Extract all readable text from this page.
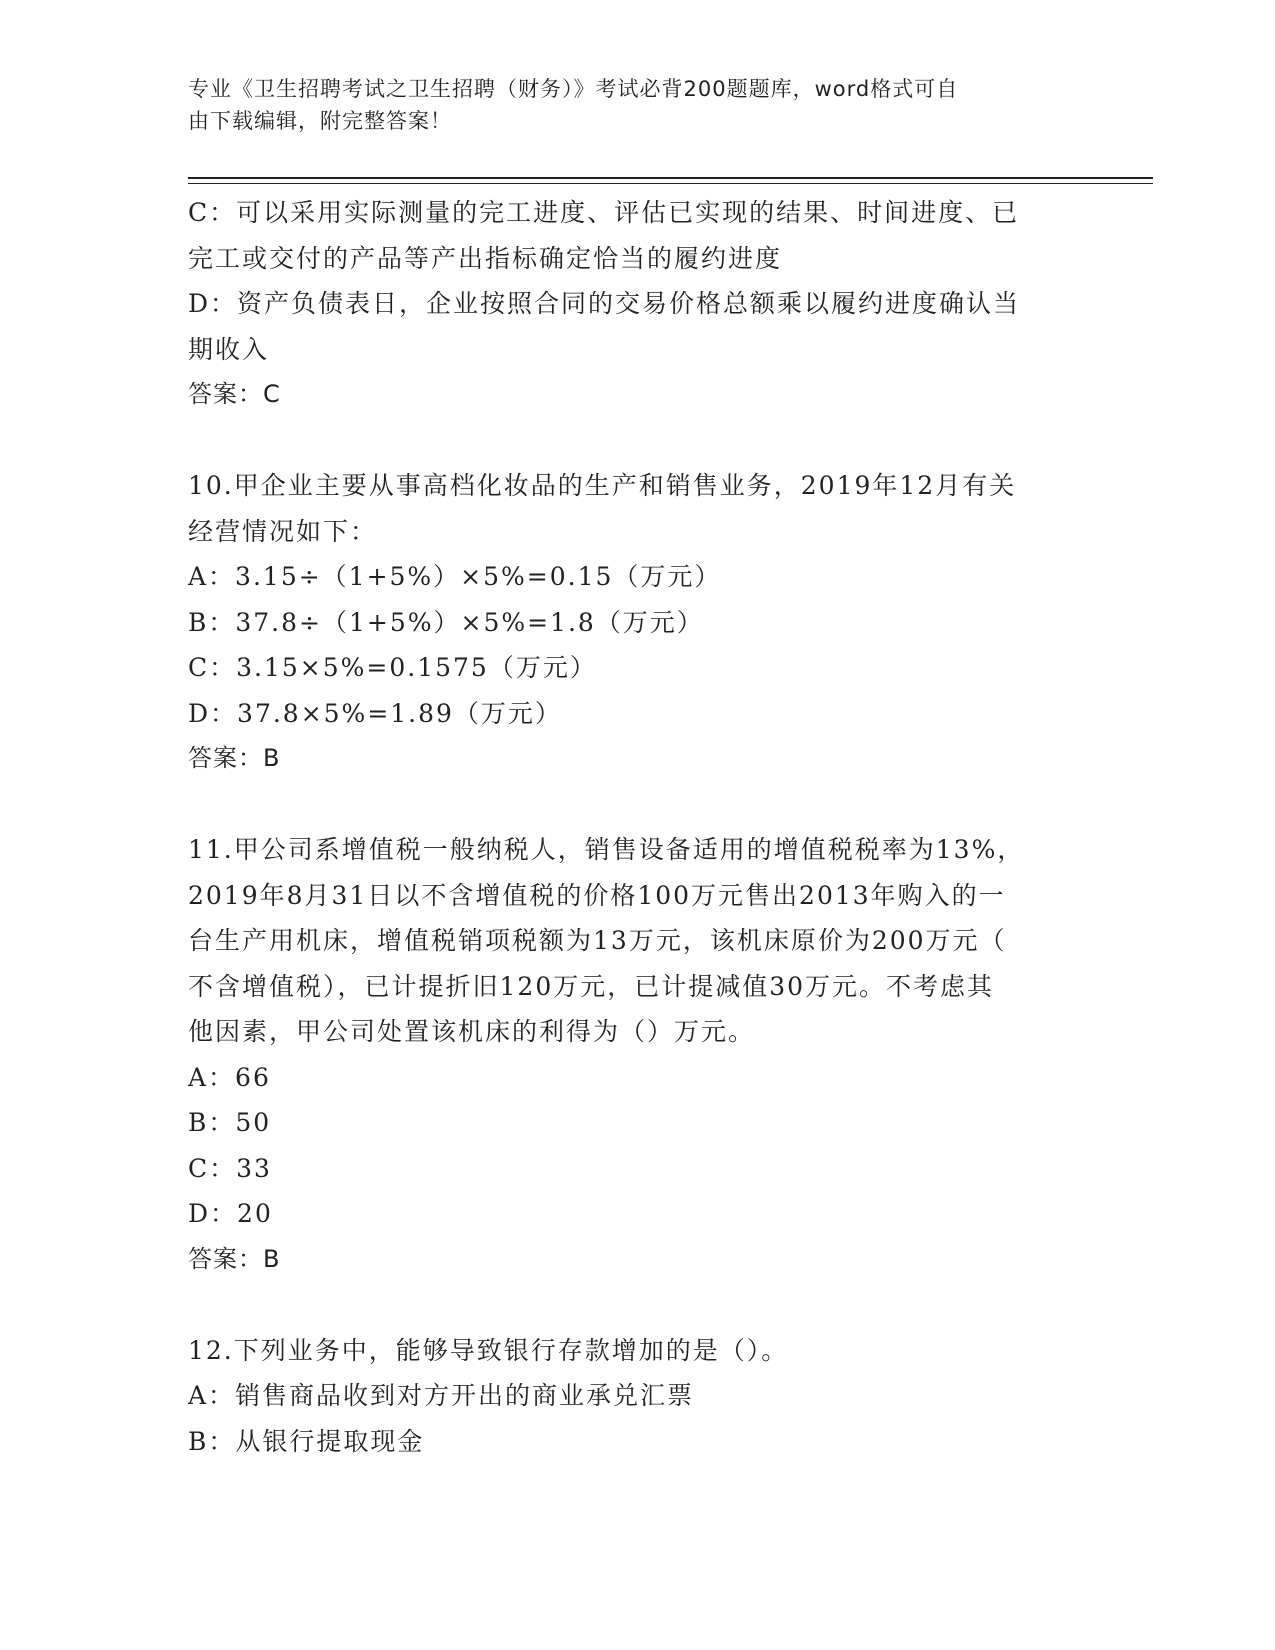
专业《卫生招聘考试之卫生招聘（财务）》考试必背200题题库，word格式可自
由下载编辑，附完整答案！
C：可以采用实际测量的完工进度、评估已实现的结果、时间进度、已
完工或交付的产品等产出指标确定恰当的履约进度
D：资产负债表日，企业按照合同的交易价格总额乘以履约进度确认当
期收入
答案：C
10.甲企业主要从事高档化妆品的生产和销售业务，2019年12月有关
经营情况如下：
A：3.15÷（1+5%）×5%=0.15（万元）
B：37.8÷（1+5%）×5%=1.8（万元）
C：3.15×5%=0.1575（万元）
D：37.8×5%=1.89（万元）
答案：B
11.甲公司系增值税一般纳税人，销售设备适用的增值税税率为13%，
2019年8月31日以不含增值税的价格100万元售出2013年购入的一
台生产用机床，增值税销项税额为13万元，该机床原价为200万元（
不含增值税），已计提折旧120万元，已计提减值30万元。不考虑其
他因素，甲公司处置该机床的利得为（）万元。
A：66
B：50
C：33
D：20
答案：B
12.下列业务中，能够导致银行存款增加的是（）。
A：销售商品收到对方开出的商业承兑汇票
B：从银行提取现金
